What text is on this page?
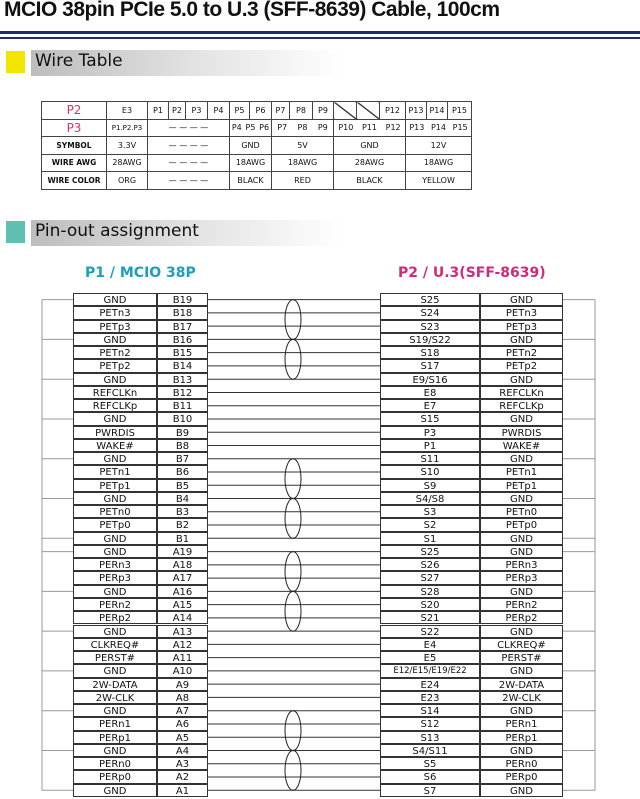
MCIO 38pin PCIe 5.0 to U.3 (SFF-8639) Cable, 100cm
Wire Table
P2	E3	P1	P2	P3	P4	P5	P6	P7	P8	P9			P12	P13	P14	P15
P3	P1.P2.P3	— — — —				P4 P5 P6		P7 P8 P9			P10 P11 P12			P13 P14 P15		

SYMBOL	3.3V	— — — —				GND		5V			GND			12V		
WIRE AWG	28AWG	— — — —				18AWG		18AWG			28AWG			18AWG		
WIRE COLOR	ORG	— — — —				BLACK		RED			BLACK			YELLOW		
Pin-out assignment
P1 / MCIO 38P	P2 / U.3(SFF-8639)
GND	B19	S25	GND
PETn3	B18	S24	PETn3
PETp3	B17	S23	PETp3
GND	B16	S19/S22	GND
PETn2	B15	S18	PETn2
PETp2	B14	S17	PETp2
GND	B13	E9/S16	GND
REFCLKn	B12	E8	REFCLKn
REFCLKp	B11	E7	REFCLKp
GND	B10	S15	GND
PWRDIS	B9	P3	PWRDIS
WAKE#	B8	P1	WAKE#
GND	B7	S11	GND
PETn1	B6	S10	PETn1
PETp1	B5	S9	PETp1
GND	B4	S4/S8	GND
PETn0	B3	S3	PETn0
PETp0	B2	S2	PETp0
GND	B1	S1	GND
GND	A19	S25	GND
PERn3	A18	S26	PERn3
PERp3	A17	S27	PERp3
GND	A16	S28	GND
PERn2	A15	S20	PERn2
PERp2	A14	S21	PERp2
GND	A13	S22	GND
CLKREQ#	A12	E4	CLKREQ#
PERST#	A11	E5	PERST#
GND	A10	E12/E15/E19/E22	GND
2W-DATA	A9	E24	2W-DATA
2W-CLK	A8	E23	2W-CLK
GND	A7	S14	GND
PERn1	A6	S12	PERn1
PERp1	A5	S13	PERp1
GND	A4	S4/S11	GND
PERn0	A3	S5	PERn0
PERp0	A2	S6	PERp0
GND	A1	S7	GND
